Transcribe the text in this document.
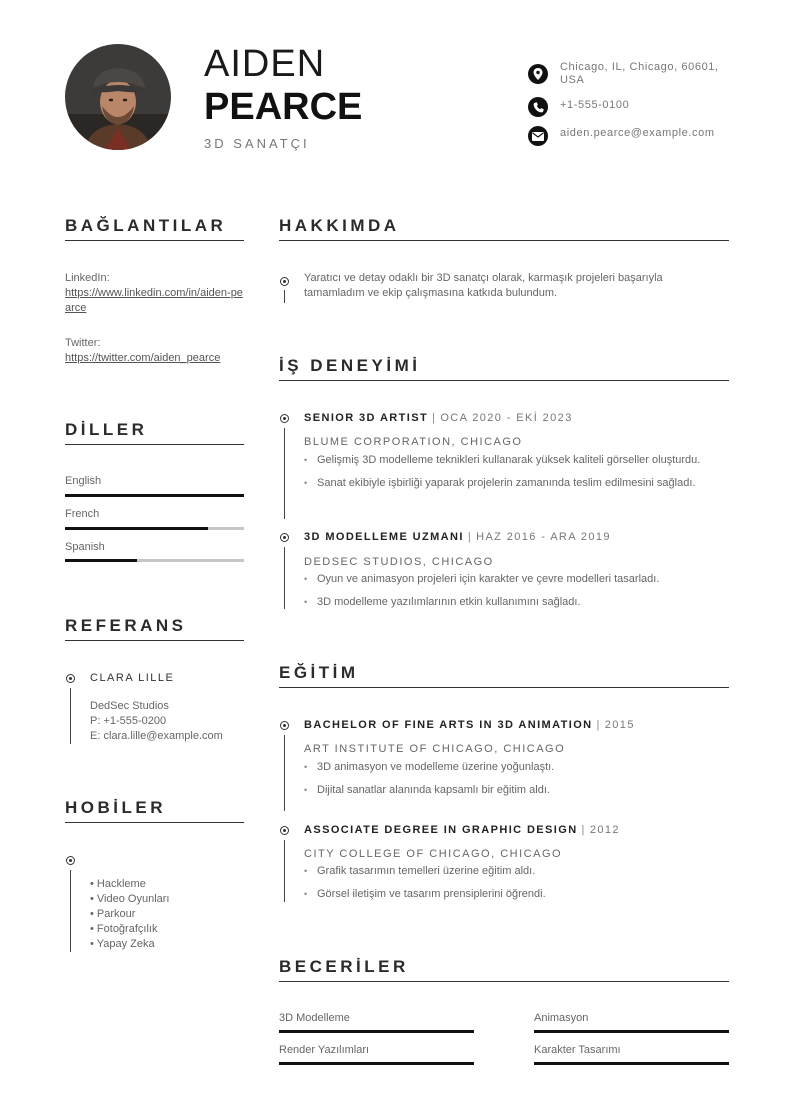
AIDEN
PEARCE
3D SANATÇI
Chicago, IL, Chicago, 60601, USA
+1-555-0100
aiden.pearce@example.com
BAĞLANTILAR
LinkedIn:
https://www.linkedin.com/in/aiden-pearce
Twitter:
https://twitter.com/aiden_pearce
DİLLER
English
French
Spanish
REFERANS
CLARA LILLE
DedSec Studios
P: +1-555-0200
E: clara.lille@example.com
HOBİLER
• Hackleme
• Video Oyunları
• Parkour
• Fotoğrafçılık
• Yapay Zeka
HAKKIMDA
Yaratıcı ve detay odaklı bir 3D sanatçı olarak, karmaşık projeleri başarıyla tamamladım ve ekip çalışmasına katkıda bulundum.
İŞ DENEYİMİ
SENIOR 3D ARTIST | OCA 2020 - EKİ 2023
BLUME CORPORATION, CHICAGO
• Gelişmiş 3D modelleme teknikleri kullanarak yüksek kaliteli görseller oluşturdu.
• Sanat ekibiyle işbirliği yaparak projelerin zamanında teslim edilmesini sağladı.
3D MODELLEME UZMANI | HAZ 2016 - ARA 2019
DEDSEC STUDIOS, CHICAGO
• Oyun ve animasyon projeleri için karakter ve çevre modelleri tasarladı.
• 3D modelleme yazılımlarının etkin kullanımını sağladı.
EĞİTİM
BACHELOR OF FINE ARTS IN 3D ANIMATION | 2015
ART INSTITUTE OF CHICAGO, CHICAGO
• 3D animasyon ve modelleme üzerine yoğunlaştı.
• Dijital sanatlar alanında kapsamlı bir eğitim aldı.
ASSOCIATE DEGREE IN GRAPHIC DESIGN | 2012
CITY COLLEGE OF CHICAGO, CHICAGO
• Grafik tasarımın temelleri üzerine eğitim aldı.
• Görsel iletişim ve tasarım prensiplerini öğrendi.
BECERİLER
3D Modelleme	Animasyon
Render Yazılımları	Karakter Tasarımı
